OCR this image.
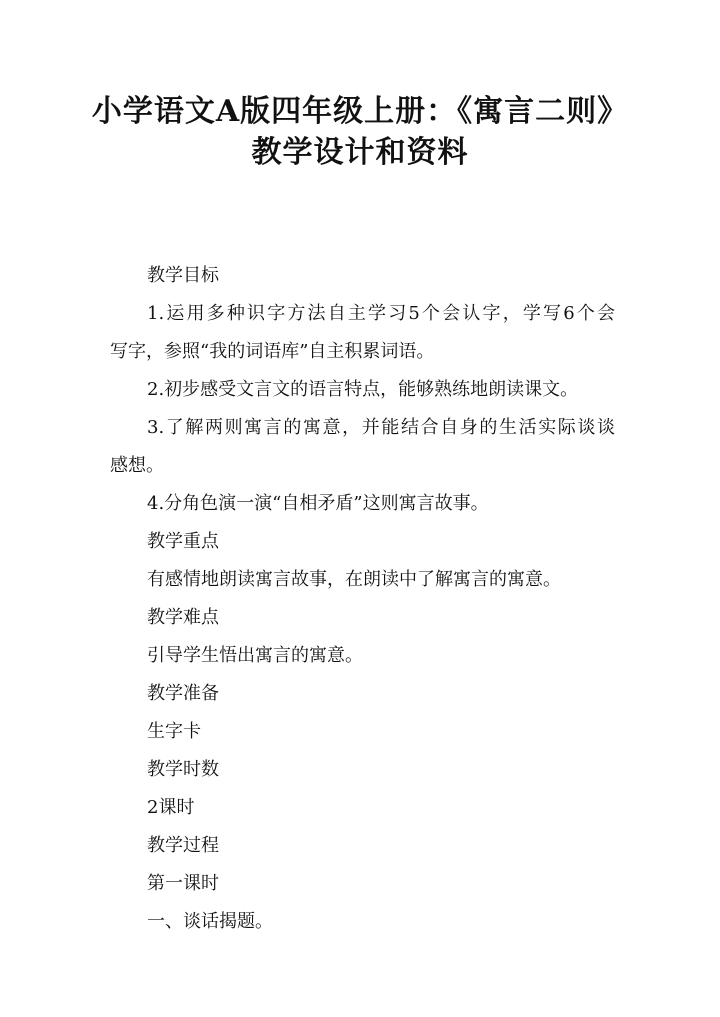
小学语文A版四年级上册：《寓言二则》
教学设计和资料
教学目标
1.运用多种识字方法自主学习5个会认字，学写6个会
写字，参照“我的词语库”自主积累词语。
2.初步感受文言文的语言特点，能够熟练地朗读课文。
3.了解两则寓言的寓意，并能结合自身的生活实际谈谈
感想。
4.分角色演一演“自相矛盾”这则寓言故事。
教学重点
有感情地朗读寓言故事，在朗读中了解寓言的寓意。
教学难点
引导学生悟出寓言的寓意。
教学准备
生字卡
教学时数
2课时
教学过程
第一课时
一、谈话揭题。
